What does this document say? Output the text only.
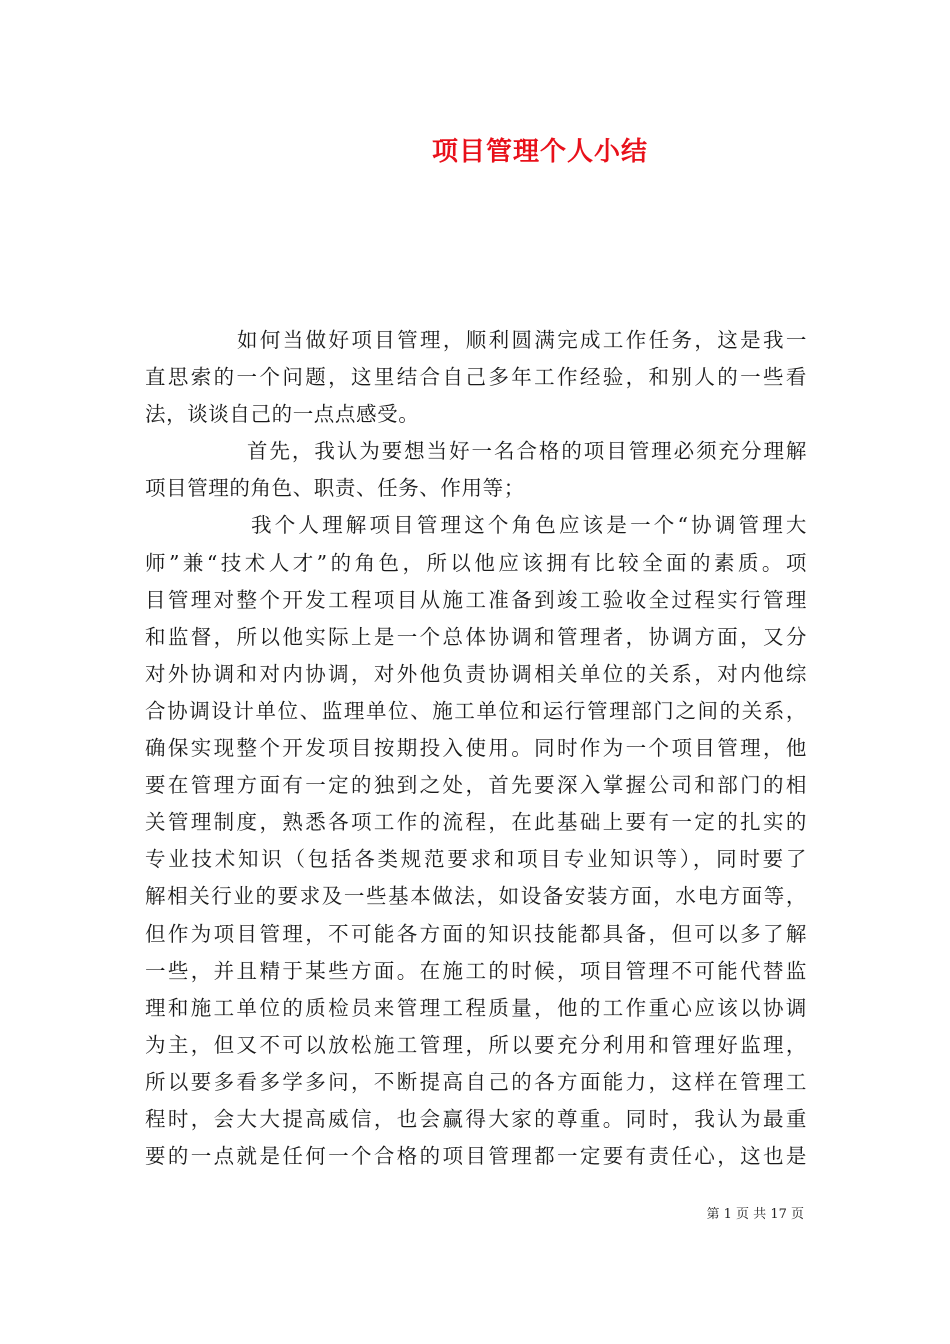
项目管理个人小结

如何当做好项目管理，顺利圆满完成工作任务，这是我一

直思索的一个问题，这里结合自己多年工作经验，和别人的一些看

法，谈谈自己的一点点感受。

首先，我认为要想当好一名合格的项目管理必须充分理解

项目管理的角色、职责、任务、作用等；

我个人理解项目管理这个角色应该是一个“协调管理大

师”兼“技术人才”的角色，所以他应该拥有比较全面的素质。项

目管理对整个开发工程项目从施工准备到竣工验收全过程实行管理

和监督，所以他实际上是一个总体协调和管理者，协调方面，又分

对外协调和对内协调，对外他负责协调相关单位的关系，对内他综

合协调设计单位、监理单位、施工单位和运行管理部门之间的关系，

确保实现整个开发项目按期投入使用。同时作为一个项目管理，他

要在管理方面有一定的独到之处，首先要深入掌握公司和部门的相

关管理制度，熟悉各项工作的流程，在此基础上要有一定的扎实的

专业技术知识（包括各类规范要求和项目专业知识等），同时要了

解相关行业的要求及一些基本做法，如设备安装方面，水电方面等，

但作为项目管理，不可能各方面的知识技能都具备，但可以多了解

一些，并且精于某些方面。在施工的时候，项目管理不可能代替监

理和施工单位的质检员来管理工程质量，他的工作重心应该以协调

为主，但又不可以放松施工管理，所以要充分利用和管理好监理，

所以要多看多学多问，不断提高自己的各方面能力，这样在管理工

程时，会大大提高威信，也会赢得大家的尊重。同时，我认为最重

要的一点就是任何一个合格的项目管理都一定要有责任心，这也是

第 1 页 共 17 页
